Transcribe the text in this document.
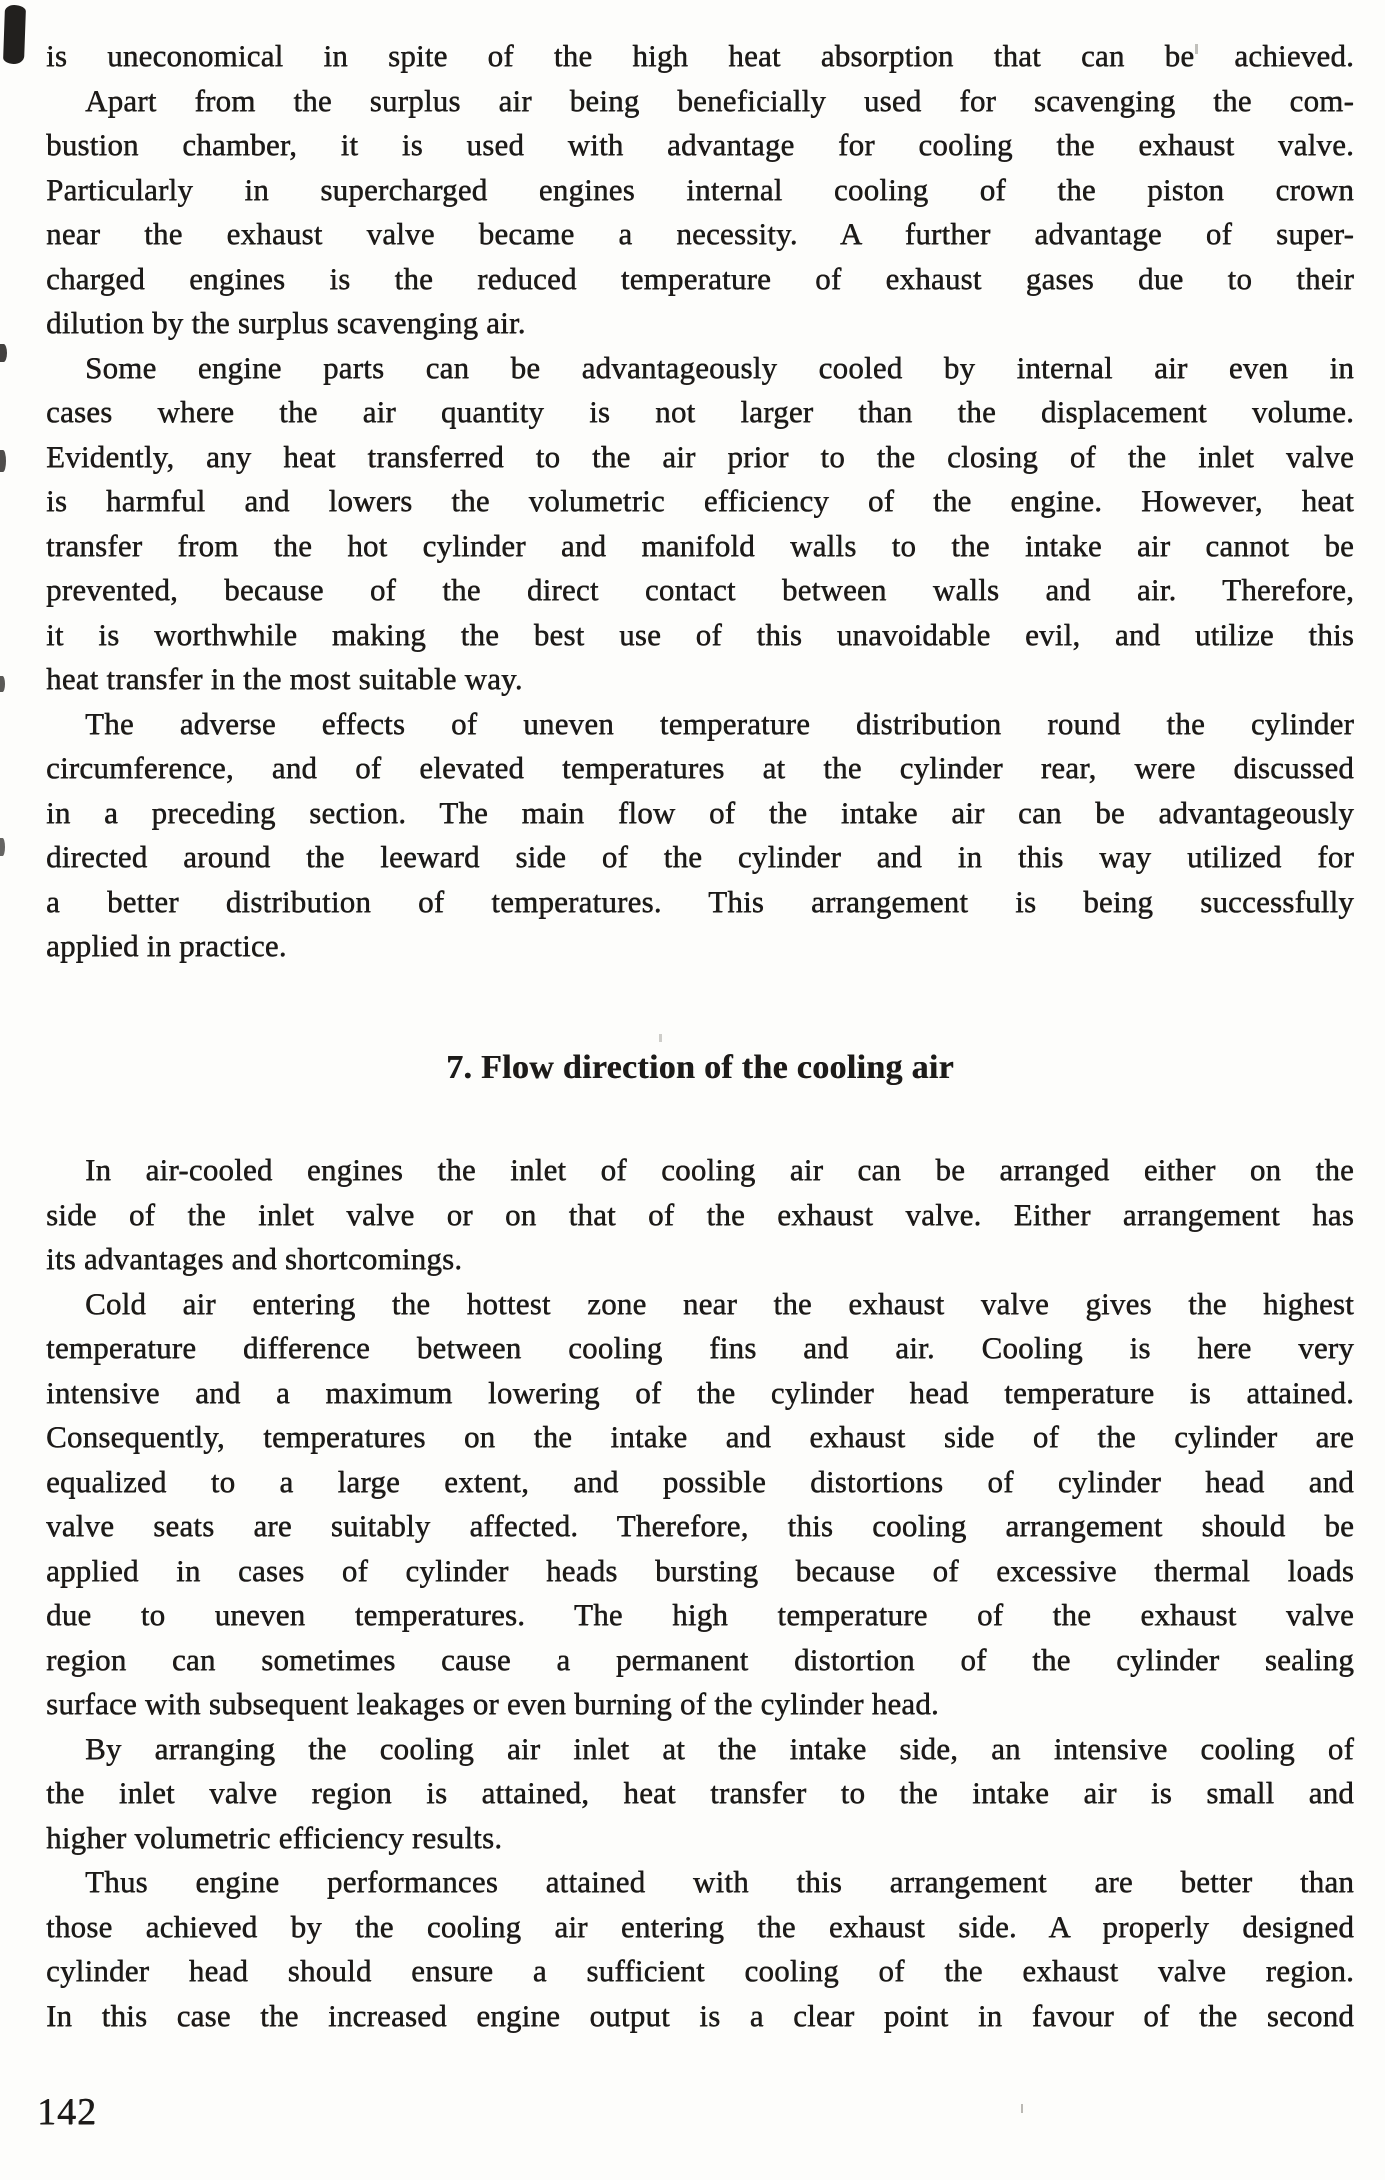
is uneconomical in spite of the high heat absorption that can be achieved.
Apart from the surplus air being beneficially used for scavenging the com-
bustion chamber, it is used with advantage for cooling the exhaust valve.
Particularly in supercharged engines internal cooling of the piston crown
near the exhaust valve became a necessity. A further advantage of super-
charged engines is the reduced temperature of exhaust gases due to their
dilution by the surplus scavenging air.
Some engine parts can be advantageously cooled by internal air even in
cases where the air quantity is not larger than the displacement volume.
Evidently, any heat transferred to the air prior to the closing of the inlet valve
is harmful and lowers the volumetric efficiency of the engine. However, heat
transfer from the hot cylinder and manifold walls to the intake air cannot be
prevented, because of the direct contact between walls and air. Therefore,
it is worthwhile making the best use of this unavoidable evil, and utilize this
heat transfer in the most suitable way.
The adverse effects of uneven temperature distribution round the cylinder
circumference, and of elevated temperatures at the cylinder rear, were discussed
in a preceding section. The main flow of the intake air can be advantageously
directed around the leeward side of the cylinder and in this way utilized for
a better distribution of temperatures. This arrangement is being successfully
applied in practice.
7. Flow direction of the cooling air
In air-cooled engines the inlet of cooling air can be arranged either on the
side of the inlet valve or on that of the exhaust valve. Either arrangement has
its advantages and shortcomings.
Cold air entering the hottest zone near the exhaust valve gives the highest
temperature difference between cooling fins and air. Cooling is here very
intensive and a maximum lowering of the cylinder head temperature is attained.
Consequently, temperatures on the intake and exhaust side of the cylinder are
equalized to a large extent, and possible distortions of cylinder head and
valve seats are suitably affected. Therefore, this cooling arrangement should be
applied in cases of cylinder heads bursting because of excessive thermal loads
due to uneven temperatures. The high temperature of the exhaust valve
region can sometimes cause a permanent distortion of the cylinder sealing
surface with subsequent leakages or even burning of the cylinder head.
By arranging the cooling air inlet at the intake side, an intensive cooling of
the inlet valve region is attained, heat transfer to the intake air is small and
higher volumetric efficiency results.
Thus engine performances attained with this arrangement are better than
those achieved by the cooling air entering the exhaust side. A properly designed
cylinder head should ensure a sufficient cooling of the exhaust valve region.
In this case the increased engine output is a clear point in favour of the second
142
